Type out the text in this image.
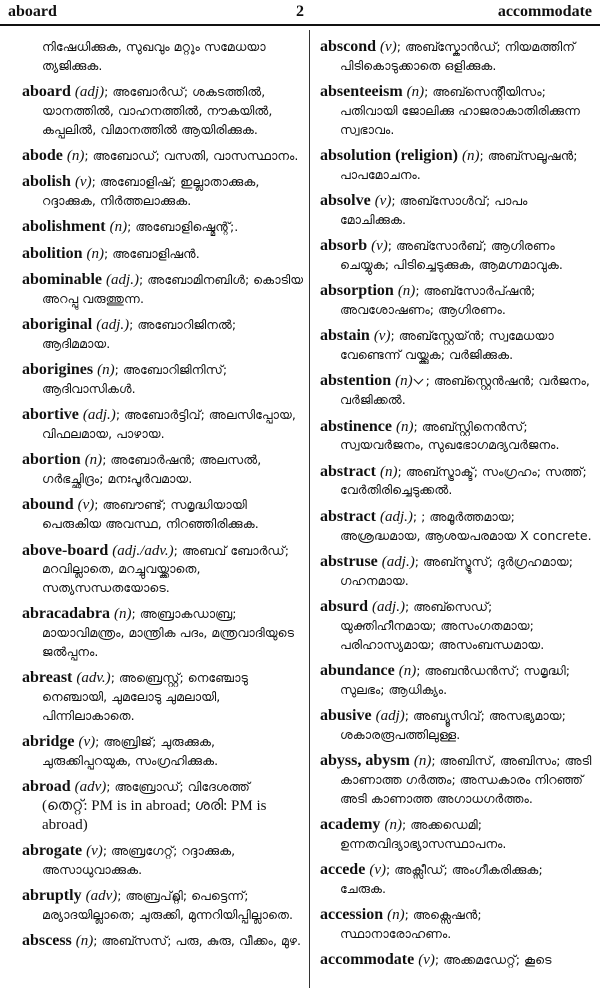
aboard	2	accommodate
നിഷേധിക്കുക, സുഖവും മറ്റും സമേധയാ ത്യജിക്കുക.
aboard (adj); അബോർഡ്; ശകടത്തിൽ, യാനത്തിൽ, വാഹനത്തിൽ, നൗകയിൽ, കപ്പലിൽ, വിമാനത്തിൽ ആയിരിക്കുക.
abode (n); അബോഡ്; വസതി, വാസസ്ഥാനം.
abolish (v); അബോളിഷ്; ഇല്ലാതാക്കുക, റദ്ദാക്കുക, നിർത്തലാക്കുക.
abolishment (n); അബോളിഷ്മെന്റ്;.
abolition (n); അബോളിഷൻ.
abominable (adj.); അബോമിനബിൾ; കൊടിയ അറപ്പു വരുത്തുന്ന.
aboriginal (adj.); അബോറിജിനൽ; ആദിമമായ.
aborigines (n); അബോറിജിനിസ്; ആദിവാസികൾ.
abortive (adj.); അബോർട്ടിവ്; അലസിപ്പോയ, വിഫലമായ, പാഴായ.
abortion (n); അബോർഷൻ; അലസൽ, ഗർഭച്ഛിദ്രം; മനഃപൂർവമായ.
abound (v); അബൗണ്ട്; സമൃദ്ധിയായി പെരുകിയ അവസ്ഥ, നിറഞ്ഞിരിക്കുക.
above-board (adj./adv.); അബവ് ബോർഡ്; മറവില്ലാതെ, മറച്ചുവയ്ക്കാതെ, സത്യസന്ധതയോടെ.
abracadabra (n); അബ്രാകഡാബ്ര; മായാവിമന്ത്രം, മാന്ത്രിക പദം, മന്ത്രവാദിയുടെ ജൽപ്പനം.
abreast (adv.); അബ്രെസ്റ്റ്; നെഞ്ചോടു നെഞ്ചായി, ചുമലോടു ചുമലായി, പിന്നിലാകാതെ.
abridge (v); അബ്രിജ്; ചുരുക്കുക, ചുരുക്കിപ്പറയുക, സംഗ്രഹിക്കുക.
abroad (adv); അബ്രോഡ്; വിദേശത്ത്
(തെറ്റ്: PM is in abroad; ശരി: PM is abroad)
abrogate (v); അബ്രഗേറ്റ്; റദ്ദാക്കുക, അസാധുവാക്കുക.
abruptly (adv); അബ്രപ്റ്റ്ലി; പെട്ടെന്ന്; മര്യാദയില്ലാതെ; ചുരുക്കി, മുന്നറിയിപ്പില്ലാതെ.
abscess (n); അബ്സസ്; പരു, കുരു, വീക്കം, മുഴ.
abscond (v); അബ്സ്കോൻഡ്; നിയമത്തിന് പിടികൊടുക്കാതെ ഒളിക്കുക.
absenteeism (n); അബ്സെന്റീയിസം; പതിവായി ജോലിക്കു ഹാജരാകാതിരിക്കുന്ന സ്വഭാവം.
absolution (religion) (n); അബ്സലൂഷൻ; പാപമോചനം.
absolve (v); അബ്സോൾവ്; പാപം മോചിക്കുക.
absorb (v); അബ്സോർബ്; ആഗിരണം ചെയ്യുക; പിടിച്ചെടുക്കുക, ആമഗ്നമാവുക.
absorption (n); അബ്സോർപ്ഷൻ; അവശോഷണം; ആഗിരണം.
abstain (v); അബ്സ്റ്റേയ്ൻ; സ്വമേധയാ വേണ്ടെന്ന് വയ്ക്കുക; വർജിക്കുക.
abstention (n) ; അബ്സ്റ്റെൻഷൻ; വർജനം, വർജിക്കൽ.
abstinence (n); അബ്സ്റ്റിനെൻസ്; സ്വയവർജനം, സുഖഭോഗമദ്യവർജനം.
abstract (n); അബ്സ്ട്രാക്ട്; സംഗ്രഹം; സത്ത്; വേർതിരിച്ചെടുക്കൽ.
abstract (adj.); ; അമൂർത്തമായ; അശ്രദ്ധമായ, ആശയപരമായ X concrete.
abstruse (adj.); അബ്സ്ട്രൂസ്; ദുർഗ്രഹമായ; ഗഹനമായ.
absurd (adj.); അബ്സെഡ്; യുക്തിഹീനമായ; അസംഗതമായ; പരിഹാസ്യമായ; അസംബന്ധമായ.
abundance (n); അബൻഡൻസ്; സമൃദ്ധി; സുലഭം; ആധിക്യം.
abusive (adj); അബ്യൂസിവ്; അസഭ്യമായ; ശകാരരൂപത്തിലുള്ള.
abyss, abysm (n); അബിസ്, അബിസം; അടി കാണാത്ത ഗർത്തം; അന്ധകാരം നിറഞ്ഞ് അടി കാണാത്ത അഗാധഗർത്തം.
academy (n); അക്കഡെമി; ഉന്നതവിദ്യാഭ്യാസസ്ഥാപനം.
accede (v); അക്സീഡ്; അംഗീകരിക്കുക; ചേരുക.
accession (n); അക്സെഷൻ; സ്ഥാനാരോഹണം.
accommodate (v); അക്കമഡേറ്റ്; കൂടെ
